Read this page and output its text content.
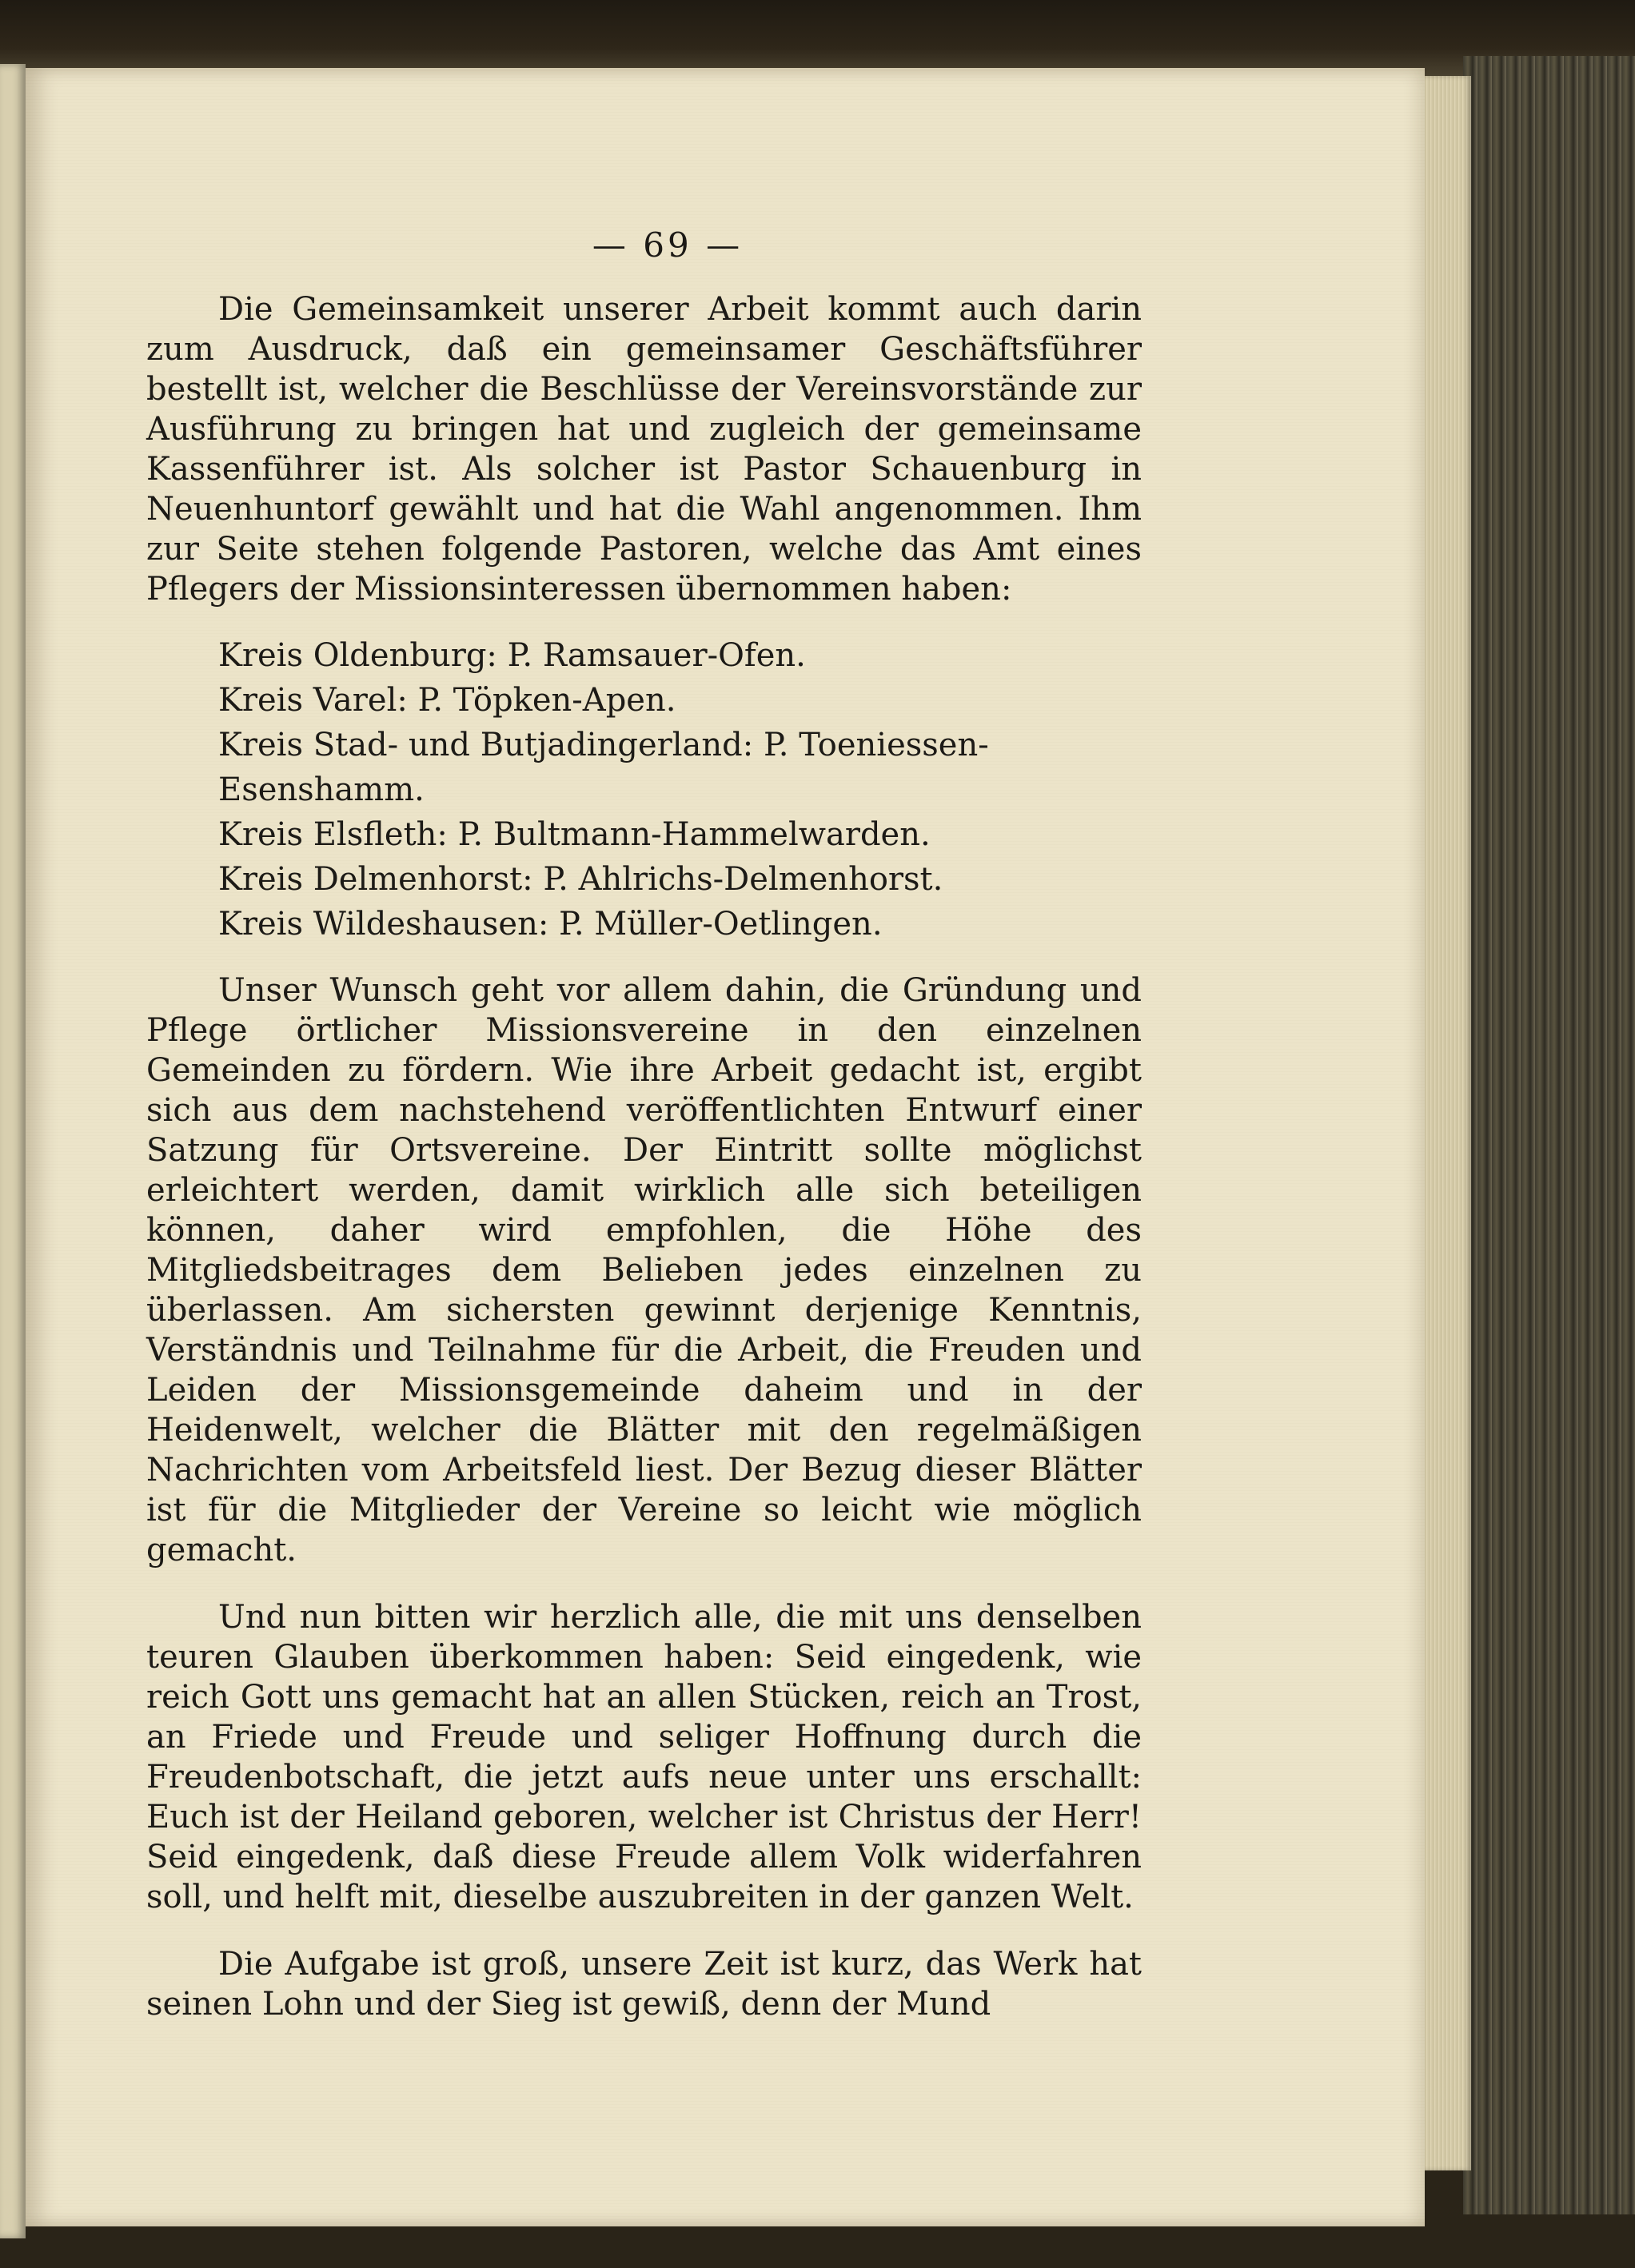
— 69 —

Die Gemeinsamkeit unserer Arbeit kommt auch darin zum Ausdruck, daß ein gemeinsamer Geschäftsführer bestellt ist, welcher die Beschlüsse der Vereinsvorstände zur Ausführung zu bringen hat und zugleich der gemeinsame Kassenführer ist. Als solcher ist Pastor Schauenburg in Neuenhuntorf gewählt und hat die Wahl angenommen. Ihm zur Seite stehen folgende Pastoren, welche das Amt eines Pflegers der Missionsinteressen übernommen haben:

Kreis Oldenburg: P. Ramsauer-Ofen.
Kreis Varel: P. Töpken-Apen.
Kreis Stad- und Butjadingerland: P. Toeniessen-Esenshamm.
Kreis Elsfleth: P. Bultmann-Hammelwarden.
Kreis Delmenhorst: P. Ahlrichs-Delmenhorst.
Kreis Wildeshausen: P. Müller-Oetlingen.

Unser Wunsch geht vor allem dahin, die Gründung und Pflege örtlicher Missionsvereine in den einzelnen Gemeinden zu fördern. Wie ihre Arbeit gedacht ist, ergibt sich aus dem nachstehend veröffentlichten Entwurf einer Satzung für Ortsvereine. Der Eintritt sollte möglichst erleichtert werden, damit wirklich alle sich beteiligen können, daher wird empfohlen, die Höhe des Mitgliedsbeitrages dem Belieben jedes einzelnen zu überlassen. Am sichersten gewinnt derjenige Kenntnis, Verständnis und Teilnahme für die Arbeit, die Freuden und Leiden der Missionsgemeinde daheim und in der Heidenwelt, welcher die Blätter mit den regelmäßigen Nachrichten vom Arbeitsfeld liest. Der Bezug dieser Blätter ist für die Mitglieder der Vereine so leicht wie möglich gemacht.

Und nun bitten wir herzlich alle, die mit uns denselben teuren Glauben überkommen haben: Seid eingedenk, wie reich Gott uns gemacht hat an allen Stücken, reich an Trost, an Friede und Freude und seliger Hoffnung durch die Freudenbotschaft, die jetzt aufs neue unter uns erschallt: Euch ist der Heiland geboren, welcher ist Christus der Herr! Seid eingedenk, daß diese Freude allem Volk widerfahren soll, und helft mit, dieselbe auszubreiten in der ganzen Welt.

Die Aufgabe ist groß, unsere Zeit ist kurz, das Werk hat seinen Lohn und der Sieg ist gewiß, denn der Mund
